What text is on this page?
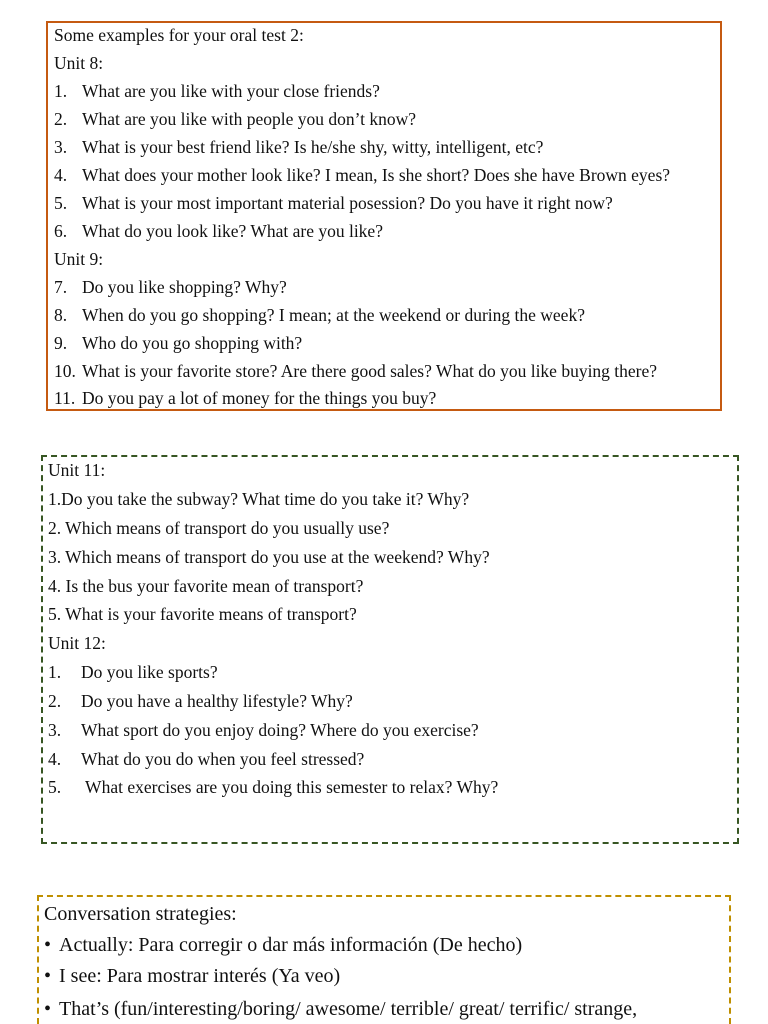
Some examples for your oral test 2:
Unit 8:
1. What are you like with your close friends?
2. What are you like with people you don’t know?
3. What is your best friend like? Is he/she shy, witty, intelligent, etc?
4. What does your mother look like? I mean, Is she short? Does she have Brown eyes?
5. What is your most important material posession? Do you have it right now?
6. What do you look like? What are you like?
Unit 9:
7. Do you like shopping? Why?
8. When do you go shopping? I mean; at the weekend or during the week?
9. Who do you go shopping with?
10. What is your favorite store? Are there good sales? What do you like buying there?
11. Do you pay a lot of money for the things you buy?
Unit 11:
1.Do you take the subway? What time do you take it? Why?
2. Which means of transport do you usually use?
3. Which means of transport do you use at the weekend? Why?
4. Is the bus your favorite mean of transport?
5. What is your favorite means of transport?
Unit 12:
1. Do you like sports?
2. Do you have a healthy lifestyle? Why?
3. What sport do you enjoy doing? Where do you exercise?
4. What do you do when you feel stressed?
5. What exercises are you doing this semester to relax? Why?
Conversation strategies:
• Actually: Para corregir o dar más información (De hecho)
• I see: Para mostrar interés (Ya veo)
• That’s (fun/interesting/boring/ awesome/ terrible/ great/ terrific/ strange,
